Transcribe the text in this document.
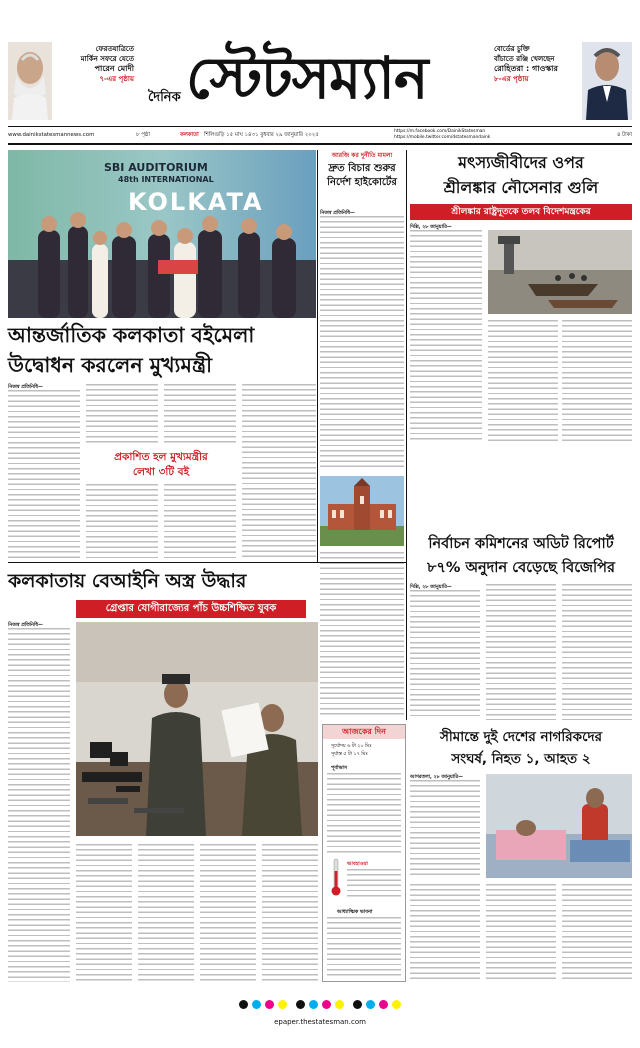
ফেরতযাত্রিতে
মার্কিন সফরে যেতে
পারেন মোদী
৭-এর পৃষ্ঠায়
দৈনিক স্টেটসম্যান	বোর্ডের চুক্তি
বাঁচাতে রঞ্জি খেলছেন
রোহিতরা : গাওস্কার
৮-এর পৃষ্ঠায়
www.dainikstatesmannews.com	৮ পৃষ্ঠা	কলকাতা শিলিগুড়ি ১৫ মাঘ ১৪৩১ বুধবার ২৯ জানুয়ারি ২০২৫
https://m.facebook.com/DainikStatesman
https://mobile.twitter.com/dstatesmandaink	৪ টাকা
SBI AUDITORIUM
48th INTERNATIONAL
KOLKATA
আন্তর্জাতিক কলকাতা বইমেলা
উদ্বোধন করলেন মুখ্যমন্ত্রী
নিজস্ব প্রতিনিধি—
প্রকাশিত হল মুখ্যমন্ত্রীর
লেখা ৩টি বই
আরজি কর দুর্নীতি মামলা
দ্রুত বিচার শুরুর নির্দেশ হাইকোর্টের
নিজস্ব প্রতিনিধি—
মৎস্যজীবীদের ওপর
শ্রীলঙ্কার নৌসেনার গুলি
শ্রীলঙ্কার রাষ্ট্রদূতকে তলব বিদেশমন্ত্রকের
দিল্লি, ২৮ জানুয়ারি—
নির্বাচন কমিশনের অডিট রিপোর্ট
৮৭% অনুদান বেড়েছে বিজেপির
দিল্লি, ২৮ জানুয়ারি—
কলকাতায় বেআইনি অস্ত্র উদ্ধার
গ্রেপ্তার যোগীরাজ্যের পাঁচ উচ্চশিক্ষিত যুবক
নিজস্ব প্রতিনিধি—
আজকের দিন
সূর্যোদয় ৬ টা ২০ মিঃ
সূর্যাস্ত ৫ টা ১৭ মিঃ
পূর্বাভাস
আবহাওয়া
আধ্যাত্মিক ভাবনা
সীমান্তে দুই দেশের নাগরিকদের
সংঘর্ষ, নিহত ১, আহত ২
আগরতলা, ২৮ জানুয়ারি—

epaper.thestatesman.com
